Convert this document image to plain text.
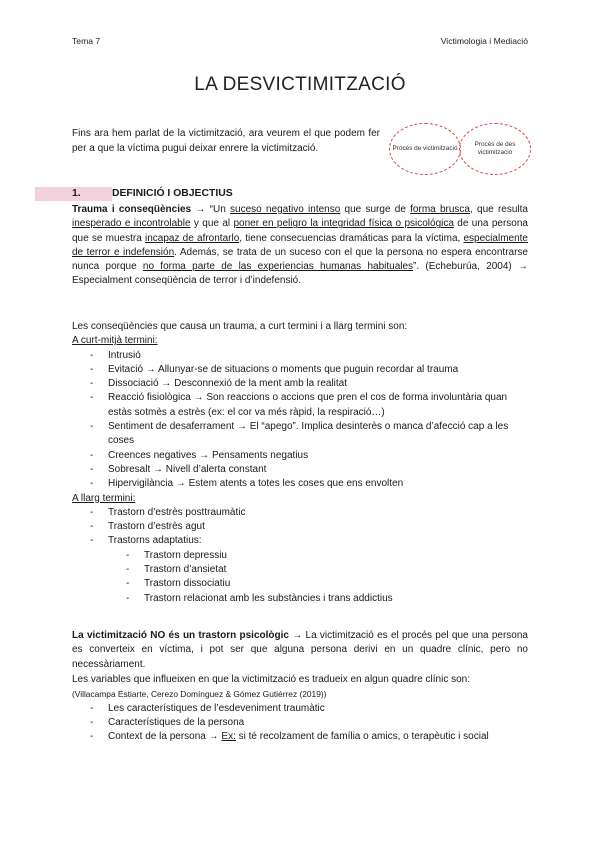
Tema 7	Victimologia i Mediació
LA DESVICTIMITZACIÓ
Fins ara hem parlat de la victimització, ara veurem el que podem fer per a que la víctima pugui deixar enrere la victimització.	Procés de victimització
Procés de des victimització
1.	DEFINICIÓ I OBJECTIUS
Trauma i conseqüències → “Un suceso negativo intenso que surge de forma brusca, que resulta inesperado e incontrolable y que al poner en peligro la integridad física o psicológica de una persona que se muestra incapaz de afrontarlo, tiene consecuencias dramáticas para la víctima, especialmente de terror e indefensión. Además, se trata de un suceso con el que la persona no espera encontrarse nunca porque no forma parte de las experiencias humanas habituales”. (Echeburúa, 2004) → Especialment conseqüència de terror i d’indefensió.
Les conseqüències que causa un trauma, a curt termini i a llarg termini son:
A curt-mitjà termini:
- Intrusió
- Evitació → Allunyar-se de situacions o moments que puguin recordar al trauma
- Dissociació → Desconnexió de la ment amb la realitat
- Reacció fisiològica → Son reaccions o accions que pren el cos de forma involuntària quan estàs sotmès a estrès (ex: el cor va més ràpid, la respiració…)
- Sentiment de desaferrament → El “apego”. Implica desinterès o manca d’afecció cap a les coses
- Creences negatives → Pensaments negatius
- Sobresalt → Nivell d’alerta constant
- Hipervigilància → Estem atents a totes les coses que ens envolten
A llarg termini:
- Trastorn d’estrès posttraumàtic
- Trastorn d’estrès agut
- Trastorns adaptatius:
- Trastorn depressiu
- Trastorn d’ansietat
- Trastorn dissociatiu
- Trastorn relacionat amb les substàncies i trans addictius
La victimització NO és un trastorn psicològic → La victimització es el procés pel que una persona es converteix en víctima, i pot ser que alguna persona derivi en un quadre clínic, pero no necessàriament.
Les variables que influeixen en que la victimització es tradueix en algun quadre clínic son:
(Villacampa Estiarte, Cerezo Domínguez & Gómez Gutiérrez (2019))
- Les característiques de l’esdeveniment traumàtic
- Característiques de la persona
- Context de la persona → Ex: si té recolzament de família o amics, o terapèutic i social
